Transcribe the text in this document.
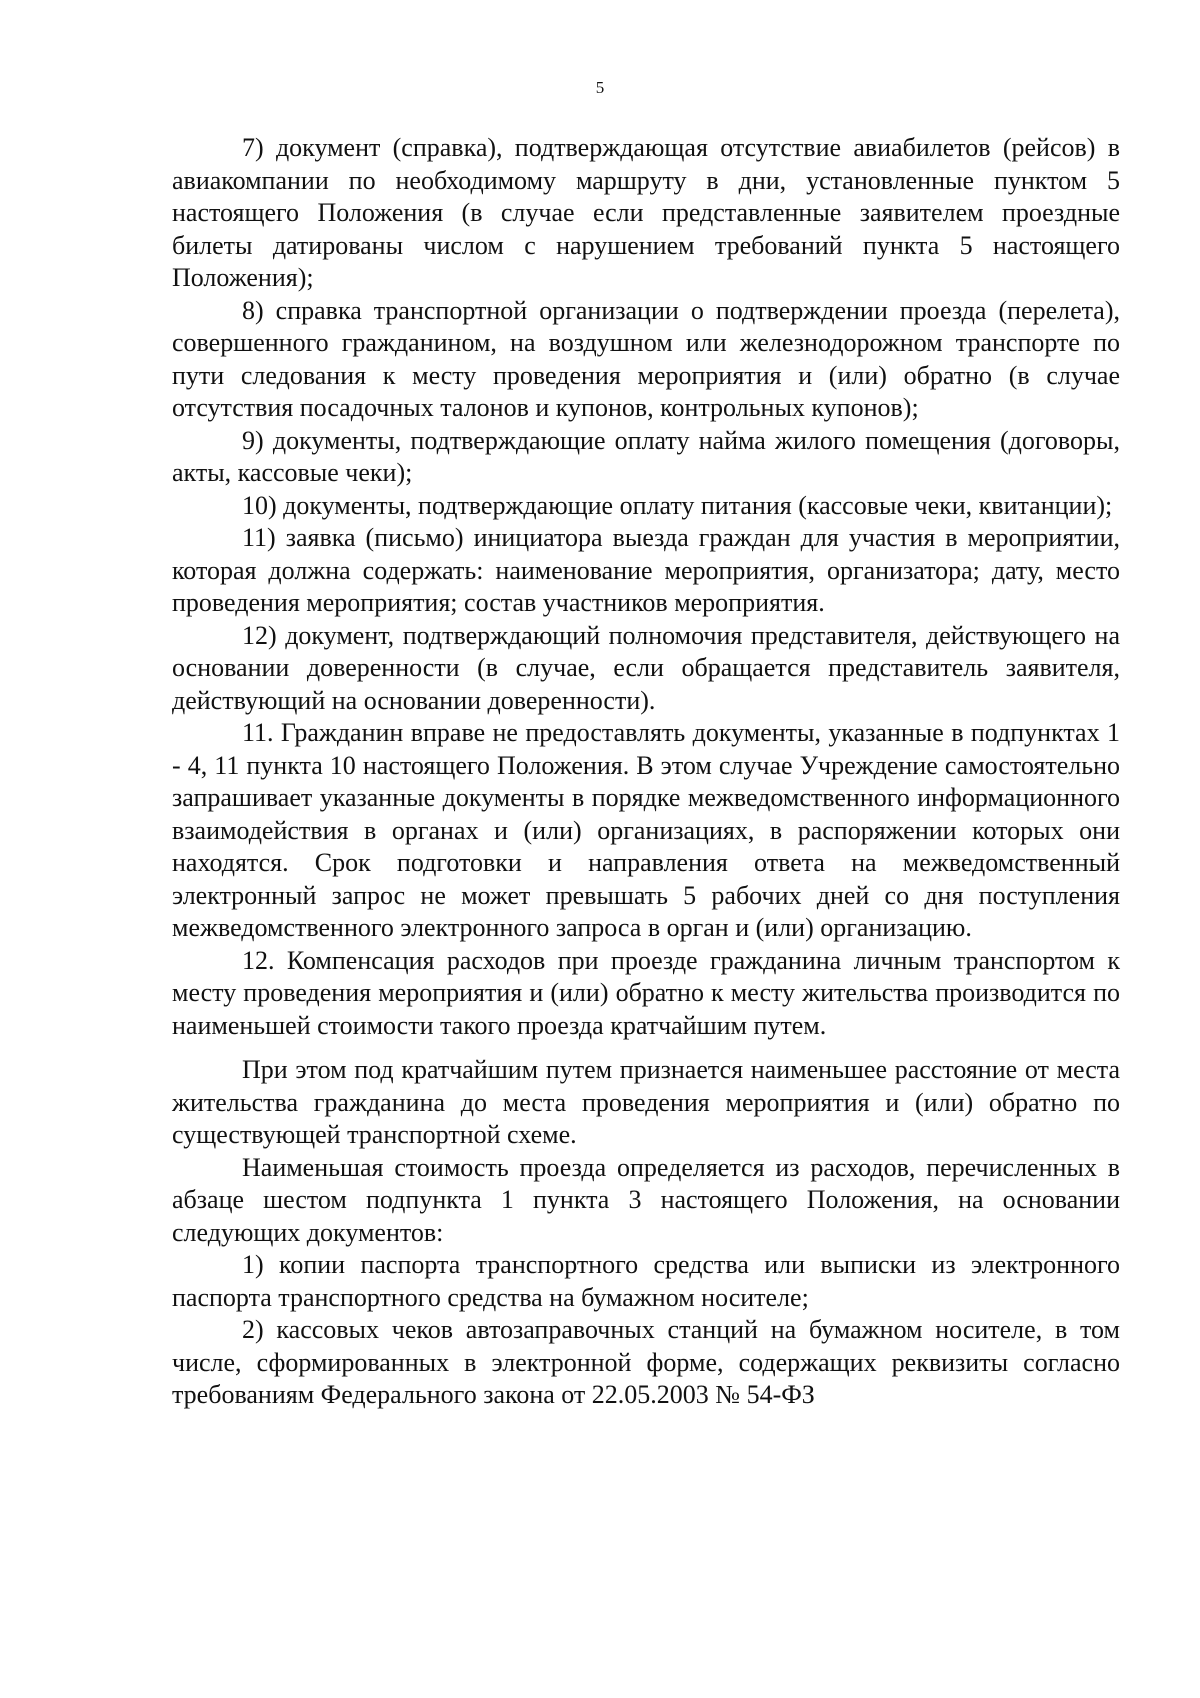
5

7) документ (справка), подтверждающая отсутствие авиабилетов (рейсов) в авиакомпании по необходимому маршруту в дни, установленные пунктом 5 настоящего Положения (в случае если представленные заявителем проездные билеты датированы числом с нарушением требований пункта 5 настоящего Положения);

8) справка транспортной организации о подтверждении проезда (перелета), совершенного гражданином, на воздушном или железнодорожном транспорте по пути следования к месту проведения мероприятия и (или) обратно (в случае отсутствия посадочных талонов и купонов, контрольных купонов);

9) документы, подтверждающие оплату найма жилого помещения (договоры, акты, кассовые чеки);

10) документы, подтверждающие оплату питания (кассовые чеки, квитанции);

11) заявка (письмо) инициатора выезда граждан для участия в мероприятии, которая должна содержать: наименование мероприятия, организатора; дату, место проведения мероприятия; состав участников мероприятия.

12) документ, подтверждающий полномочия представителя, действующего на основании доверенности (в случае, если обращается представитель заявителя, действующий на основании доверенности).

11. Гражданин вправе не предоставлять документы, указанные в подпунктах 1 - 4, 11 пункта 10 настоящего Положения. В этом случае Учреждение самостоятельно запрашивает указанные документы в порядке межведомственного информационного взаимодействия в органах и (или) организациях, в распоряжении которых они находятся. Срок подготовки и направления ответа на межведомственный электронный запрос не может превышать 5 рабочих дней со дня поступления межведомственного электронного запроса в орган и (или) организацию.

12. Компенсация расходов при проезде гражданина личным транспортом к месту проведения мероприятия и (или) обратно к месту жительства производится по наименьшей стоимости такого проезда кратчайшим путем.

При этом под кратчайшим путем признается наименьшее расстояние от места жительства гражданина до места проведения мероприятия и (или) обратно по существующей транспортной схеме.

Наименьшая стоимость проезда определяется из расходов, перечисленных в абзаце шестом подпункта 1 пункта 3 настоящего Положения, на основании следующих документов:

1) копии паспорта транспортного средства или выписки из электронного паспорта транспортного средства на бумажном носителе;

2) кассовых чеков автозаправочных станций на бумажном носителе, в том числе, сформированных в электронной форме, содержащих реквизиты согласно требованиям Федерального закона от 22.05.2003 № 54-ФЗ
